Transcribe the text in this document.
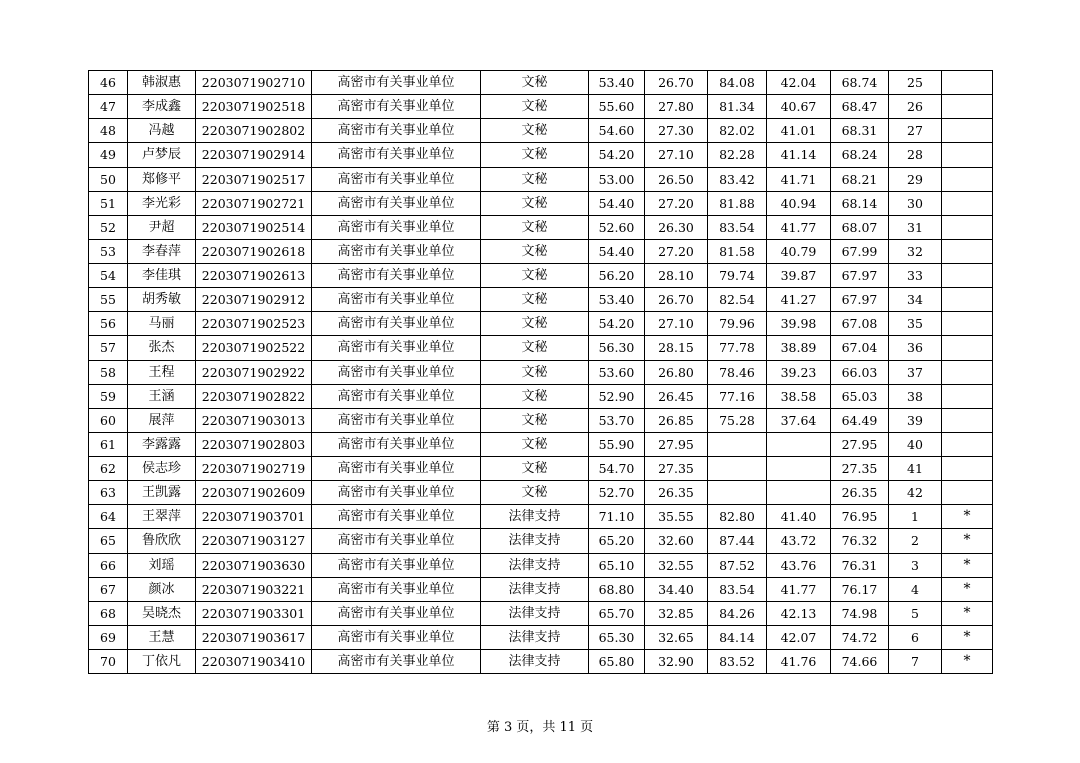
46	韩淑惠	2203071902710	高密市有关事业单位	文秘	53.40	26.70	84.08	42.04	68.74	25	
47	李成鑫	2203071902518	高密市有关事业单位	文秘	55.60	27.80	81.34	40.67	68.47	26	
48	冯越	2203071902802	高密市有关事业单位	文秘	54.60	27.30	82.02	41.01	68.31	27	
49	卢梦辰	2203071902914	高密市有关事业单位	文秘	54.20	27.10	82.28	41.14	68.24	28	
50	郑修平	2203071902517	高密市有关事业单位	文秘	53.00	26.50	83.42	41.71	68.21	29	
51	李光彩	2203071902721	高密市有关事业单位	文秘	54.40	27.20	81.88	40.94	68.14	30	
52	尹超	2203071902514	高密市有关事业单位	文秘	52.60	26.30	83.54	41.77	68.07	31	
53	李春萍	2203071902618	高密市有关事业单位	文秘	54.40	27.20	81.58	40.79	67.99	32	
54	李佳琪	2203071902613	高密市有关事业单位	文秘	56.20	28.10	79.74	39.87	67.97	33	
55	胡秀敏	2203071902912	高密市有关事业单位	文秘	53.40	26.70	82.54	41.27	67.97	34	
56	马丽	2203071902523	高密市有关事业单位	文秘	54.20	27.10	79.96	39.98	67.08	35	
57	张杰	2203071902522	高密市有关事业单位	文秘	56.30	28.15	77.78	38.89	67.04	36	
58	王程	2203071902922	高密市有关事业单位	文秘	53.60	26.80	78.46	39.23	66.03	37	
59	王涵	2203071902822	高密市有关事业单位	文秘	52.90	26.45	77.16	38.58	65.03	38	
60	展萍	2203071903013	高密市有关事业单位	文秘	53.70	26.85	75.28	37.64	64.49	39	
61	李露露	2203071902803	高密市有关事业单位	文秘	55.90	27.95			27.95	40	
62	侯志珍	2203071902719	高密市有关事业单位	文秘	54.70	27.35			27.35	41	
63	王凯露	2203071902609	高密市有关事业单位	文秘	52.70	26.35			26.35	42	
64	王翠萍	2203071903701	高密市有关事业单位	法律支持	71.10	35.55	82.80	41.40	76.95	1	*
65	鲁欣欣	2203071903127	高密市有关事业单位	法律支持	65.20	32.60	87.44	43.72	76.32	2	*
66	刘瑶	2203071903630	高密市有关事业单位	法律支持	65.10	32.55	87.52	43.76	76.31	3	*
67	颜冰	2203071903221	高密市有关事业单位	法律支持	68.80	34.40	83.54	41.77	76.17	4	*
68	吴晓杰	2203071903301	高密市有关事业单位	法律支持	65.70	32.85	84.26	42.13	74.98	5	*
69	王慧	2203071903617	高密市有关事业单位	法律支持	65.30	32.65	84.14	42.07	74.72	6	*
70	丁依凡	2203071903410	高密市有关事业单位	法律支持	65.80	32.90	83.52	41.76	74.66	7	*
第 3 页，共 11 页
